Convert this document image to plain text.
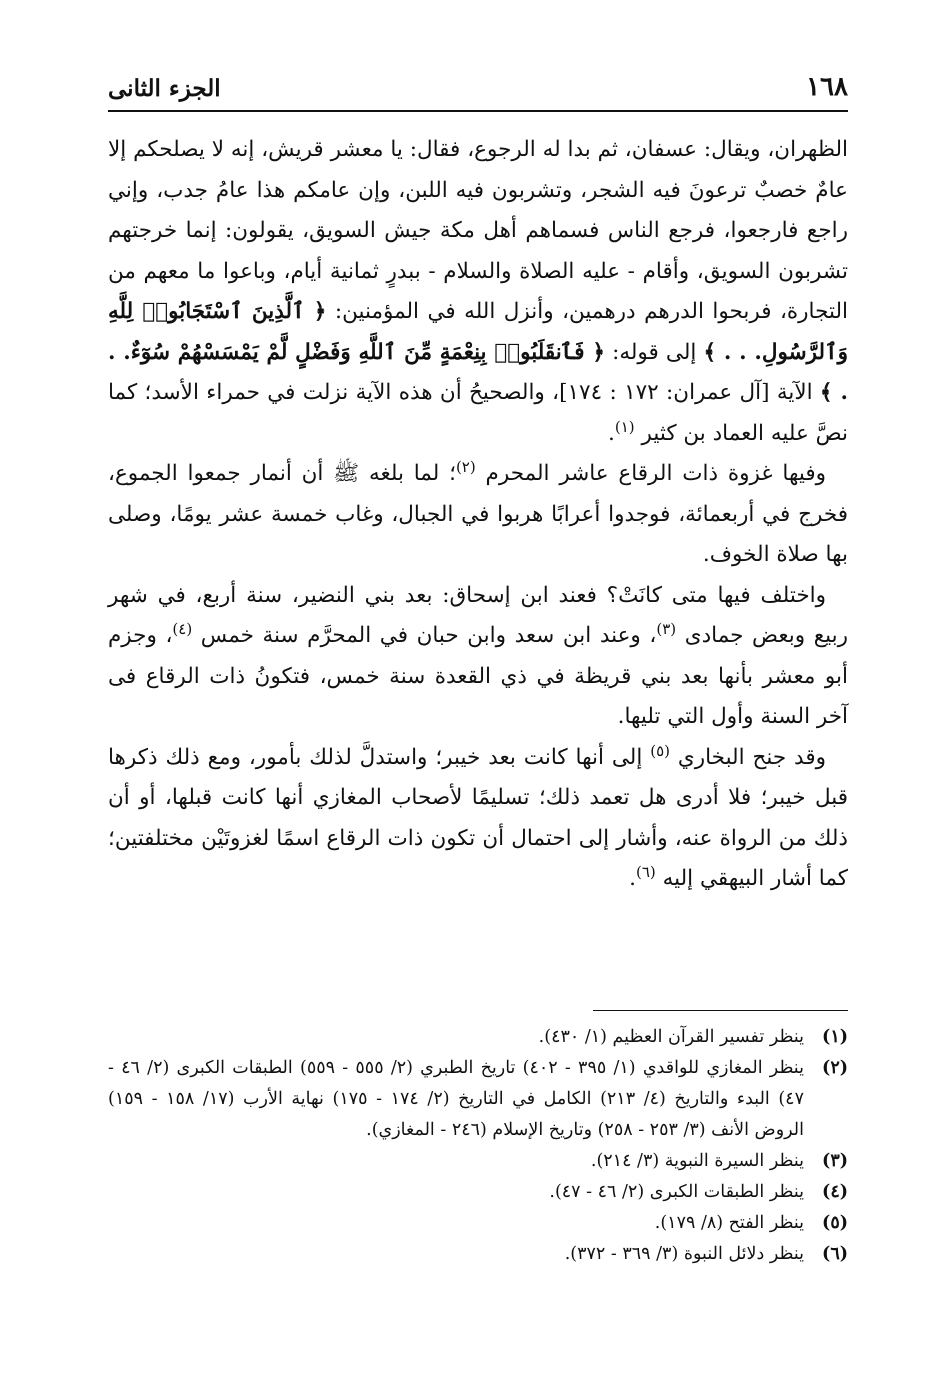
١٦٨
الجزء الثانى

الظهران، ويقال: عسفان، ثم بدا له الرجوع، فقال: يا معشر قريش، إنه لا يصلحكم إلا عامٌ خصبٌ ترعونَ فيه الشجر، وتشربون فيه اللبن، وإن عامكم هذا عامُ جدب، وإني راجع فارجعوا، فرجع الناس فسماهم أهل مكة جيش السويق، يقولون: إنما خرجتهم تشربون السويق، وأقام - عليه الصلاة والسلام - ببدرٍ ثمانية أيام، وباعوا ما معهم من التجارة، فربحوا الدرهم درهمين، وأنزل الله في المؤمنين: ﴿ ٱلَّذِينَ ٱسْتَجَابُوا۟ لِلَّهِ وَٱلرَّسُولِ. . . ﴾ إلى قوله: ﴿ فَٱنقَلَبُوا۟ بِنِعْمَةٍ مِّنَ ٱللَّهِ وَفَضْلٍ لَّمْ يَمْسَسْهُمْ سُوٓءٌ. . . ﴾ الآية [آل عمران: ١٧٢ : ١٧٤]، والصحيحُ أن هذه الآية نزلت في حمراء الأسد؛ كما نصَّ عليه العماد بن كثير $^{(١)}$.

وفيها غزوة ذات الرقاع عاشر المحرم $^{(٢)}$؛ لما بلغه ﷺ أن أنمار جمعوا الجموع، فخرج في أربعمائة، فوجدوا أعرابًا هربوا في الجبال، وغاب خمسة عشر يومًا، وصلى بها صلاة الخوف.

واختلف فيها متى كانَتْ؟ فعند ابن إسحاق: بعد بني النضير، سنة أربع، في شهر ربيع وبعض جمادى $^{(٣)}$، وعند ابن سعد وابن حبان في المحرَّم سنة خمس $^{(٤)}$، وجزم أبو معشر بأنها بعد بني قريظة في ذي القعدة سنة خمس، فتكونُ ذات الرقاع فى آخر السنة وأول التي تليها.

وقد جنح البخاري $^{(٥)}$ إلى أنها كانت بعد خيبر؛ واستدلَّ لذلك بأمور، ومع ذلك ذكرها قبل خيبر؛ فلا أدرى هل تعمد ذلك؛ تسليمًا لأصحاب المغازي أنها كانت قبلها، أو أن ذلك من الرواة عنه، وأشار إلى احتمال أن تكون ذات الرقاع اسمًا لغزوتَيْن مختلفتين؛ كما أشار البيهقي إليه $^{(٦)}$.

(١)
ينظر تفسير القرآن العظيم (١/ ٤٣٠).
(٢)
ينظر المغازي للواقدي (١/ ٣٩٥ - ٤٠٢) تاريخ الطبري (٢/ ٥٥٥ - ٥٥٩) الطبقات الكبرى (٢/ ٤٦ - ٤٧) البدء والتاريخ (٤/ ٢١٣) الكامل في التاريخ (٢/ ١٧٤ - ١٧٥) نهاية الأرب (١٧/ ١٥٨ - ١٥٩) الروض الأنف (٣/ ٢٥٣ - ٢٥٨) وتاريخ الإسلام (٢٤٦ - المغازي).
(٣)
ينظر السيرة النبوية (٣/ ٢١٤).
(٤)
ينظر الطبقات الكبرى (٢/ ٤٦ - ٤٧).
(٥)
ينظر الفتح (٨/ ١٧٩).
(٦)
ينظر دلائل النبوة (٣/ ٣٦٩ - ٣٧٢).
